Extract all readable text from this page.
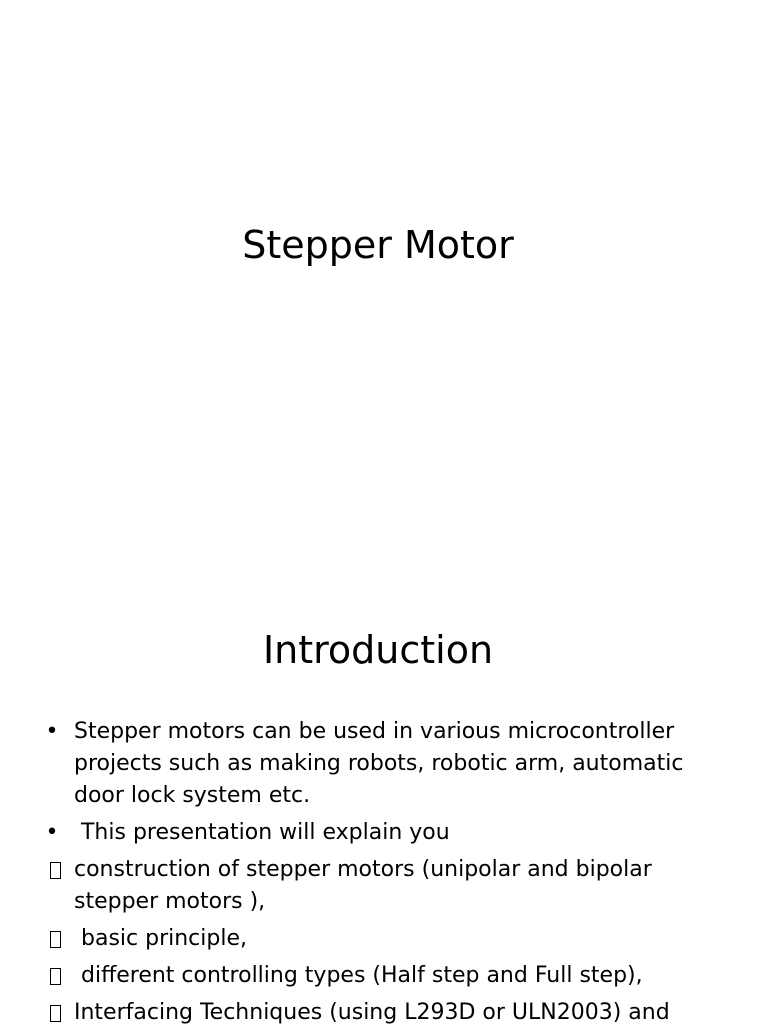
Stepper Motor
Introduction
• Stepper motors can be used in various microcontroller projects such as making robots, robotic arm, automatic door lock system etc.
• This presentation will explain you
construction of stepper motors (unipolar and bipolar stepper motors ),
basic principle,
different controlling types (Half step and Full step),
Interfacing Techniques (using L293D or ULN2003) and
